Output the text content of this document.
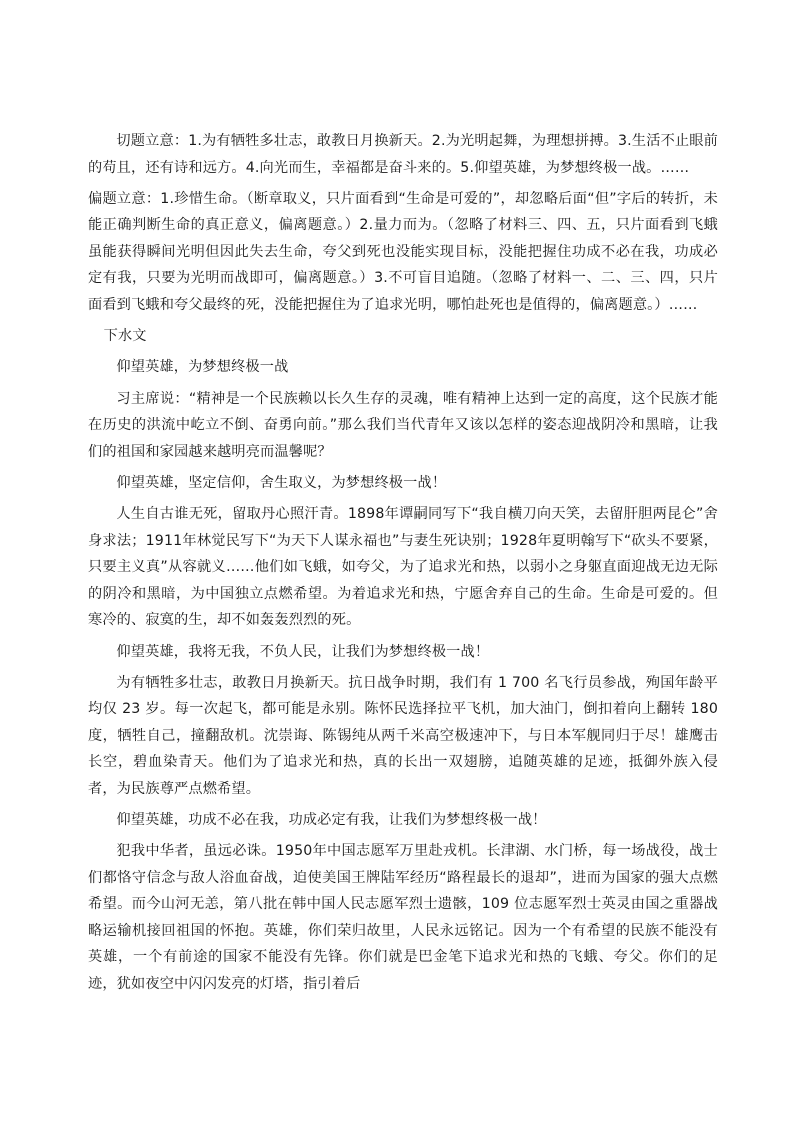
切题立意：1.为有牺牲多壮志，敢教日月换新天。2.为光明起舞，为理想拼搏。3.生活不止眼前的苟且，还有诗和远方。4.向光而生，幸福都是奋斗来的。5.仰望英雄，为梦想终极一战。……

偏题立意：1.珍惜生命。（断章取义，只片面看到“生命是可爱的”，却忽略后面“但”字后的转折，未能正确判断生命的真正意义，偏离题意。）2.量力而为。（忽略了材料三、四、五，只片面看到飞蛾虽能获得瞬间光明但因此失去生命，夸父到死也没能实现目标，没能把握住功成不必在我，功成必定有我，只要为光明而战即可，偏离题意。）3.不可盲目追随。（忽略了材料一、二、三、四，只片面看到飞蛾和夸父最终的死，没能把握住为了追求光明，哪怕赴死也是值得的，偏离题意。）……

下水文

仰望英雄，为梦想终极一战

习主席说：“精神是一个民族赖以长久生存的灵魂，唯有精神上达到一定的高度，这个民族才能在历史的洪流中屹立不倒、奋勇向前。”那么我们当代青年又该以怎样的姿态迎战阴冷和黑暗，让我们的祖国和家园越来越明亮而温馨呢？

仰望英雄，坚定信仰，舍生取义，为梦想终极一战！

人生自古谁无死，留取丹心照汗青。1898年谭嗣同写下“我自横刀向天笑，去留肝胆两昆仑”舍身求法；1911年林觉民写下“为天下人谋永福也”与妻生死诀别；1928年夏明翰写下“砍头不要紧，只要主义真”从容就义……他们如飞蛾，如夸父，为了追求光和热，以弱小之身躯直面迎战无边无际的阴冷和黑暗，为中国独立点燃希望。为着追求光和热，宁愿舍弃自己的生命。生命是可爱的。但寒冷的、寂寞的生，却不如轰轰烈烈的死。

仰望英雄，我将无我，不负人民，让我们为梦想终极一战！

为有牺牲多壮志，敢教日月换新天。抗日战争时期，我们有 1 700 名飞行员参战，殉国年龄平均仅 23 岁。每一次起飞，都可能是永别。陈怀民选择拉平飞机，加大油门，倒扣着向上翻转 180 度，牺牲自己，撞翻敌机。沈崇诲、陈锡纯从两千米高空极速冲下，与日本军舰同归于尽！雄鹰击长空，碧血染青天。他们为了追求光和热，真的长出一双翅膀，追随英雄的足迹，抵御外族入侵者，为民族尊严点燃希望。

仰望英雄，功成不必在我，功成必定有我，让我们为梦想终极一战！

犯我中华者，虽远必诛。1950年中国志愿军万里赴戎机。长津湖、水门桥，每一场战役，战士们都恪守信念与敌人浴血奋战，迫使美国王牌陆军经历“路程最长的退却”，进而为国家的强大点燃希望。而今山河无恙，第八批在韩中国人民志愿军烈士遗骸，109 位志愿军烈士英灵由国之重器战略运输机接回祖国的怀抱。英雄，你们荣归故里，人民永远铭记。因为一个有希望的民族不能没有英雄，一个有前途的国家不能没有先锋。你们就是巴金笔下追求光和热的飞蛾、夸父。你们的足迹，犹如夜空中闪闪发亮的灯塔，指引着后
